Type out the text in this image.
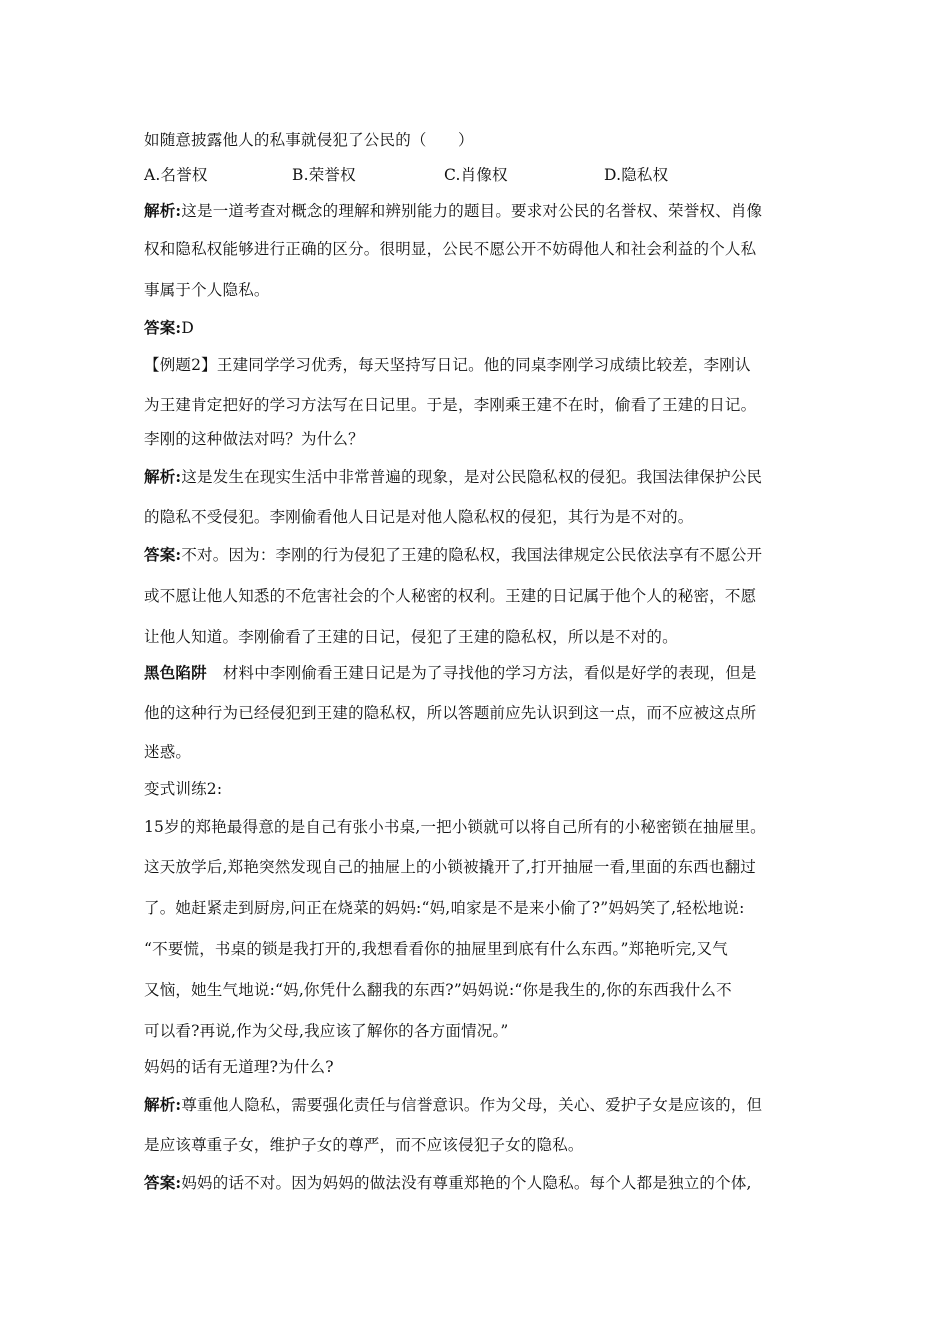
如随意披露他人的私事就侵犯了公民的（　　）
A.名誉权	B.荣誉权	C.肖像权	D.隐私权
解析:这是一道考查对概念的理解和辨别能力的题目。要求对公民的名誉权、荣誉权、肖像
权和隐私权能够进行正确的区分。很明显，公民不愿公开不妨碍他人和社会利益的个人私
事属于个人隐私。
答案:D
【例题2】王建同学学习优秀，每天坚持写日记。他的同桌李刚学习成绩比较差，李刚认
为王建肯定把好的学习方法写在日记里。于是，李刚乘王建不在时，偷看了王建的日记。
李刚的这种做法对吗？为什么？
解析:这是发生在现实生活中非常普遍的现象，是对公民隐私权的侵犯。我国法律保护公民
的隐私不受侵犯。李刚偷看他人日记是对他人隐私权的侵犯，其行为是不对的。
答案:不对。因为：李刚的行为侵犯了王建的隐私权，我国法律规定公民依法享有不愿公开
或不愿让他人知悉的不危害社会的个人秘密的权利。王建的日记属于他个人的秘密，不愿
让他人知道。李刚偷看了王建的日记，侵犯了王建的隐私权，所以是不对的。
黑色陷阱 材料中李刚偷看王建日记是为了寻找他的学习方法，看似是好学的表现，但是
他的这种行为已经侵犯到王建的隐私权，所以答题前应先认识到这一点，而不应被这点所
迷惑。
变式训练2:
15岁的郑艳最得意的是自己有张小书桌,一把小锁就可以将自己所有的小秘密锁在抽屉里。
这天放学后,郑艳突然发现自己的抽屉上的小锁被撬开了,打开抽屉一看,里面的东西也翻过
了。她赶紧走到厨房,问正在烧菜的妈妈:“妈,咱家是不是来小偷了?”妈妈笑了,轻松地说:
“不要慌，书桌的锁是我打开的,我想看看你的抽屉里到底有什么东西。”郑艳听完,又气
又恼，她生气地说:“妈,你凭什么翻我的东西?”妈妈说:“你是我生的,你的东西我什么不
可以看?再说,作为父母,我应该了解你的各方面情况。”
妈妈的话有无道理?为什么?
解析:尊重他人隐私，需要强化责任与信誉意识。作为父母，关心、爱护子女是应该的，但
是应该尊重子女，维护子女的尊严，而不应该侵犯子女的隐私。
答案:妈妈的话不对。因为妈妈的做法没有尊重郑艳的个人隐私。每个人都是独立的个体,
